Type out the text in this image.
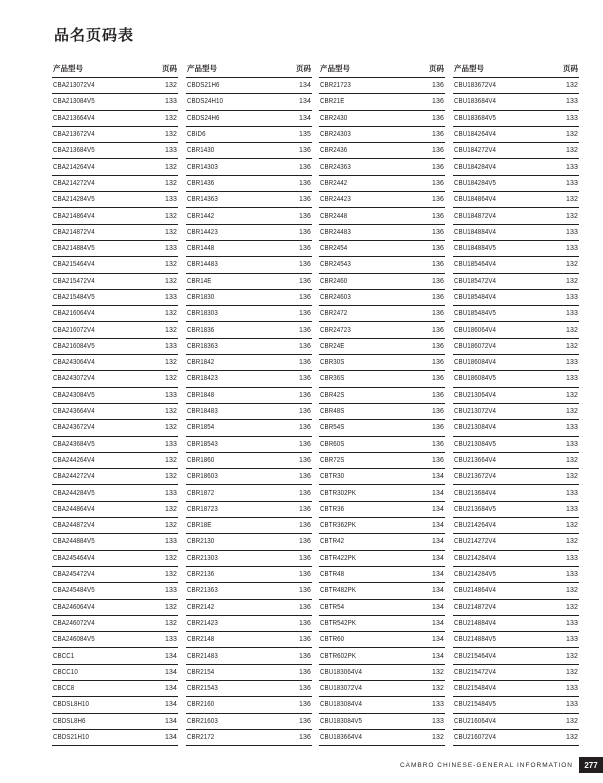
品名页码表
产品型号	页码
CBA213072V4	132
CBA213084V5	133
CBA213664V4	132
CBA213672V4	132
CBA213684V5	133
CBA214264V4	132
CBA214272V4	132
CBA214284V5	133
CBA214864V4	132
CBA214872V4	132
CBA214884V5	133
CBA215464V4	132
CBA215472V4	132
CBA215484V5	133
CBA216064V4	132
CBA216072V4	132
CBA216084V5	133
CBA243064V4	132
CBA243072V4	132
CBA243084V5	133
CBA243664V4	132
CBA243672V4	132
CBA243684V5	133
CBA244264V4	132
CBA244272V4	132
CBA244284V5	133
CBA244864V4	132
CBA244872V4	132
CBA244884V5	133
CBA245464V4	132
CBA245472V4	132
CBA245484V5	133
CBA246064V4	132
CBA246072V4	132
CBA246084V5	133
CBCC1	134
CBCC10	134
CBCC8	134
CBDSL8H10	134
CBDSL8H6	134
CBDS21H10	134
产品型号	页码
CBDS21H6	134
CBDS24H10	134
CBDS24H6	134
CBID6	135
CBR1430	136
CBR14303	136
CBR1436	136
CBR14363	136
CBR1442	136
CBR14423	136
CBR1448	136
CBR14483	136
CBR14E	136
CBR1830	136
CBR18303	136
CBR1836	136
CBR18363	136
CBR1842	136
CBR18423	136
CBR1848	136
CBR18483	136
CBR1854	136
CBR18543	136
CBR1860	136
CBR18603	136
CBR1872	136
CBR18723	136
CBR18E	136
CBR2130	136
CBR21303	136
CBR2136	136
CBR21363	136
CBR2142	136
CBR21423	136
CBR2148	136
CBR21483	136
CBR2154	136
CBR21543	136
CBR2160	136
CBR21603	136
CBR2172	136
产品型号	页码
CBR21723	136
CBR21E	136
CBR2430	136
CBR24303	136
CBR2436	136
CBR24363	136
CBR2442	136
CBR24423	136
CBR2448	136
CBR24483	136
CBR2454	136
CBR24543	136
CBR2460	136
CBR24603	136
CBR2472	136
CBR24723	136
CBR24E	136
CBR30S	136
CBR36S	136
CBR42S	136
CBR48S	136
CBR54S	136
CBR60S	136
CBR72S	136
CBTR30	134
CBTR302PK	134
CBTR36	134
CBTR362PK	134
CBTR42	134
CBTR422PK	134
CBTR48	134
CBTR482PK	134
CBTR54	134
CBTR542PK	134
CBTR60	134
CBTR602PK	134
CBU183064V4	132
CBU183072V4	132
CBU183084V4	133
CBU183084V5	133
CBU183664V4	132
产品型号	页码
CBU183672V4	132
CBU183684V4	133
CBU183684V5	133
CBU184264V4	132
CBU184272V4	132
CBU184284V4	133
CBU184284V5	133
CBU184864V4	132
CBU184872V4	132
CBU184884V4	133
CBU184884V5	133
CBU185464V4	132
CBU185472V4	132
CBU185484V4	133
CBU185484V5	133
CBU186064V4	132
CBU186072V4	132
CBU186084V4	133
CBU186084V5	133
CBU213064V4	132
CBU213072V4	132
CBU213084V4	133
CBU213084V5	133
CBU213664V4	132
CBU213672V4	132
CBU213684V4	133
CBU213684V5	133
CBU214264V4	132
CBU214272V4	132
CBU214284V4	133
CBU214284V5	133
CBU214864V4	132
CBU214872V4	132
CBU214884V4	133
CBU214884V5	133
CBU215464V4	132
CBU215472V4	132
CBU215484V4	133
CBU215484V5	133
CBU216064V4	132
CBU216072V4	132
CAMBRO CHINESE-GENERAL INFORMATION	277
